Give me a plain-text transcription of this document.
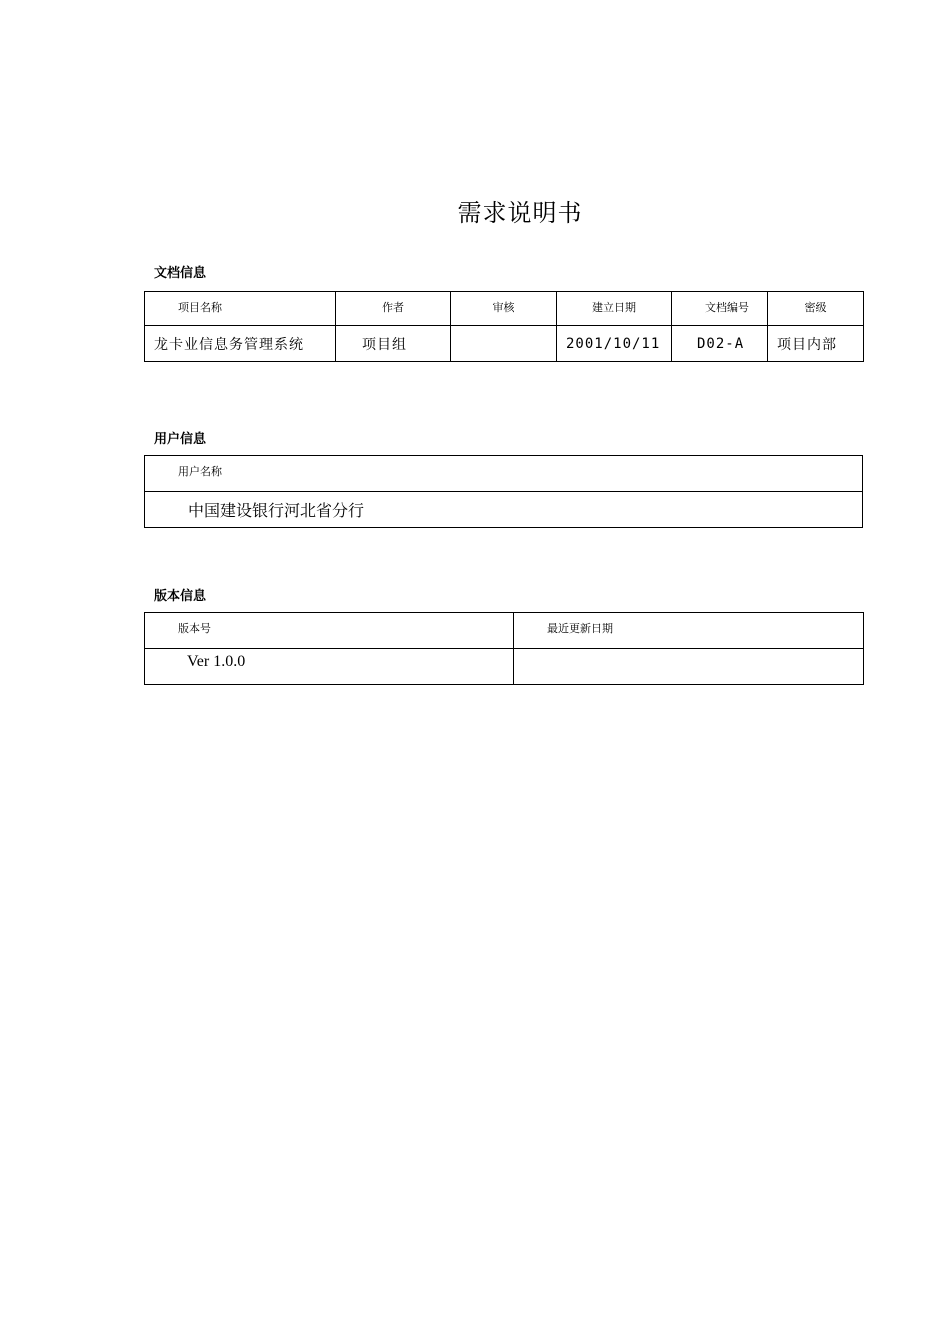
需求说明书
文档信息
项目名称	作者	审核	建立日期	文档编号	密级
龙卡业信息务管理系统	项目组		2001/10/11	D02-A	项目内部
用户信息
用户名称
中国建设银行河北省分行
版本信息
版本号	最近更新日期
Ver 1.0.0	
